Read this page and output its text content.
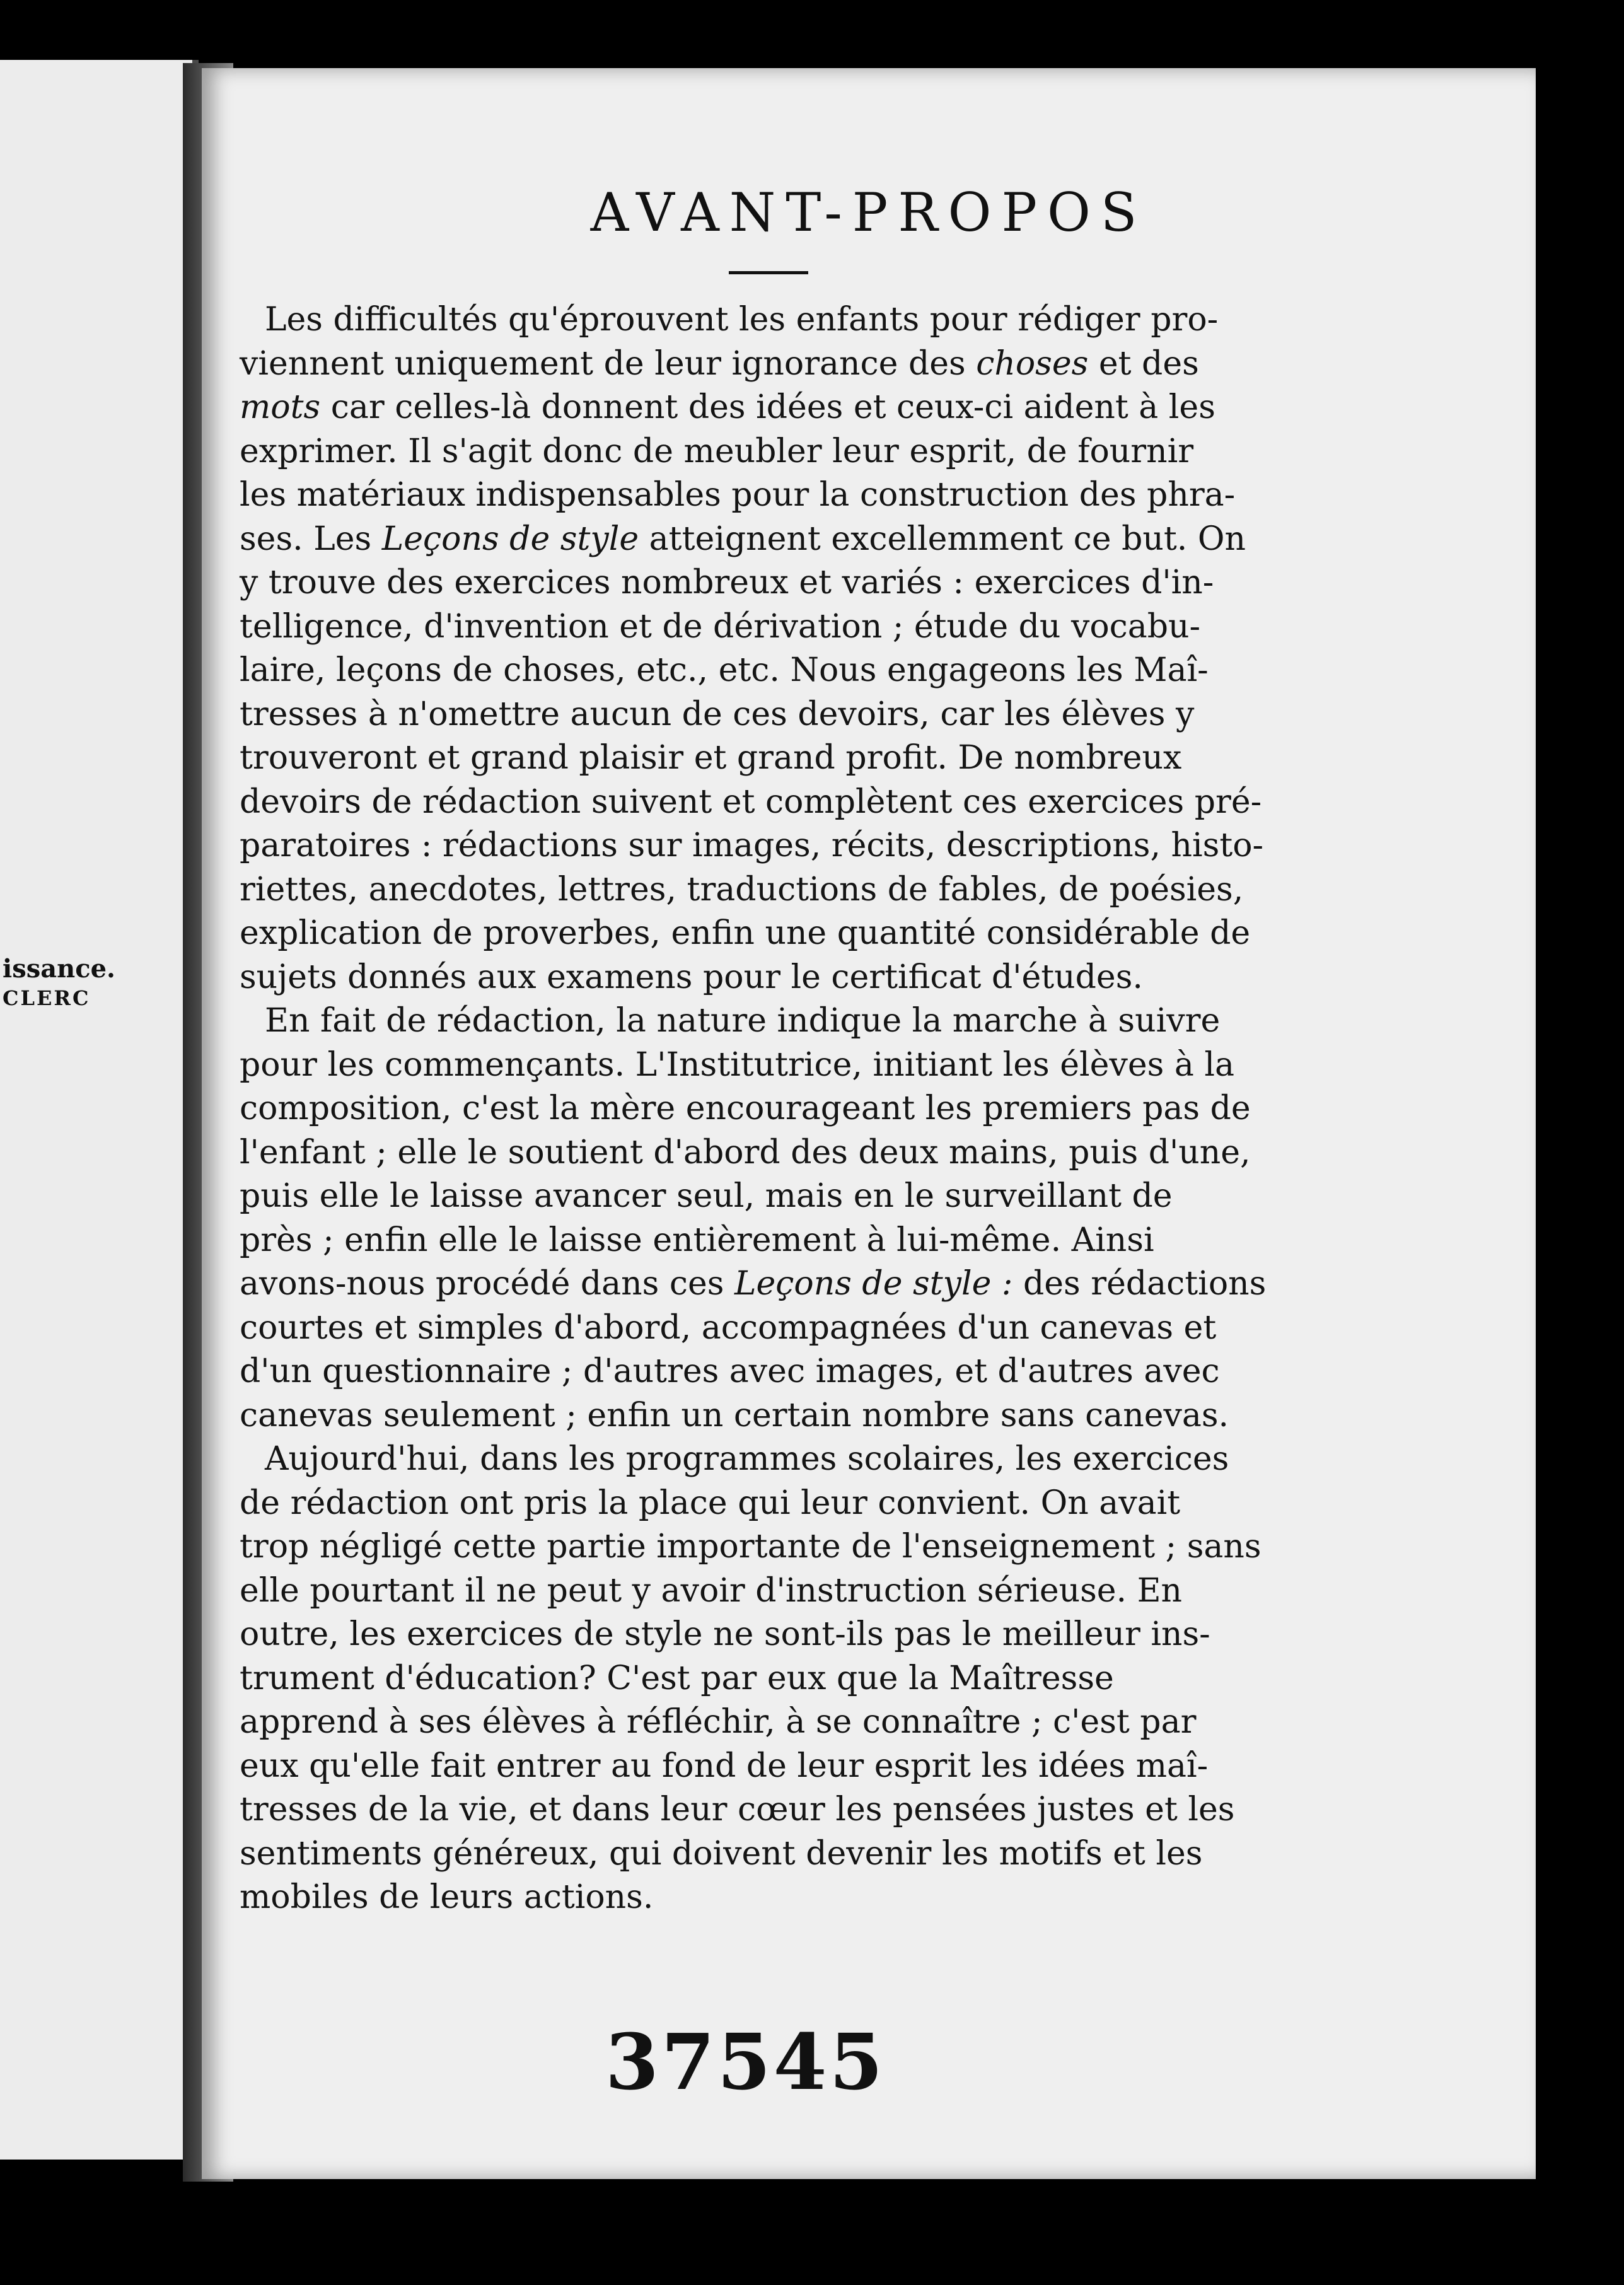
issance.
CLERC
AVANT-PROPOS
Les difficultés qu'éprouvent les enfants pour rédiger pro-
viennent uniquement de leur ignorance des choses et des
mots car celles-là donnent des idées et ceux-ci aident à les
exprimer. Il s'agit donc de meubler leur esprit, de fournir
les matériaux indispensables pour la construction des phra-
ses. Les Leçons de style atteignent excellemment ce but. On
y trouve des exercices nombreux et variés : exercices d'in-
telligence, d'invention et de dérivation ; étude du vocabu-
laire, leçons de choses, etc., etc. Nous engageons les Maî-
tresses à n'omettre aucun de ces devoirs, car les élèves y
trouveront et grand plaisir et grand profit. De nombreux
devoirs de rédaction suivent et complètent ces exercices pré-
paratoires : rédactions sur images, récits, descriptions, histo-
riettes, anecdotes, lettres, traductions de fables, de poésies,
explication de proverbes, enfin une quantité considérable de
sujets donnés aux examens pour le certificat d'études.
En fait de rédaction, la nature indique la marche à suivre
pour les commençants. L'Institutrice, initiant les élèves à la
composition, c'est la mère encourageant les premiers pas de
l'enfant ; elle le soutient d'abord des deux mains, puis d'une,
puis elle le laisse avancer seul, mais en le surveillant de
près ; enfin elle le laisse entièrement à lui-même. Ainsi
avons-nous procédé dans ces Leçons de style : des rédactions
courtes et simples d'abord, accompagnées d'un canevas et
d'un questionnaire ; d'autres avec images, et d'autres avec
canevas seulement ; enfin un certain nombre sans canevas.
Aujourd'hui, dans les programmes scolaires, les exercices
de rédaction ont pris la place qui leur convient. On avait
trop négligé cette partie importante de l'enseignement ; sans
elle pourtant il ne peut y avoir d'instruction sérieuse. En
outre, les exercices de style ne sont-ils pas le meilleur ins-
trument d'éducation? C'est par eux que la Maîtresse
apprend à ses élèves à réfléchir, à se connaître ; c'est par
eux qu'elle fait entrer au fond de leur esprit les idées maî-
tresses de la vie, et dans leur cœur les pensées justes et les
sentiments généreux, qui doivent devenir les motifs et les
mobiles de leurs actions.
37545
